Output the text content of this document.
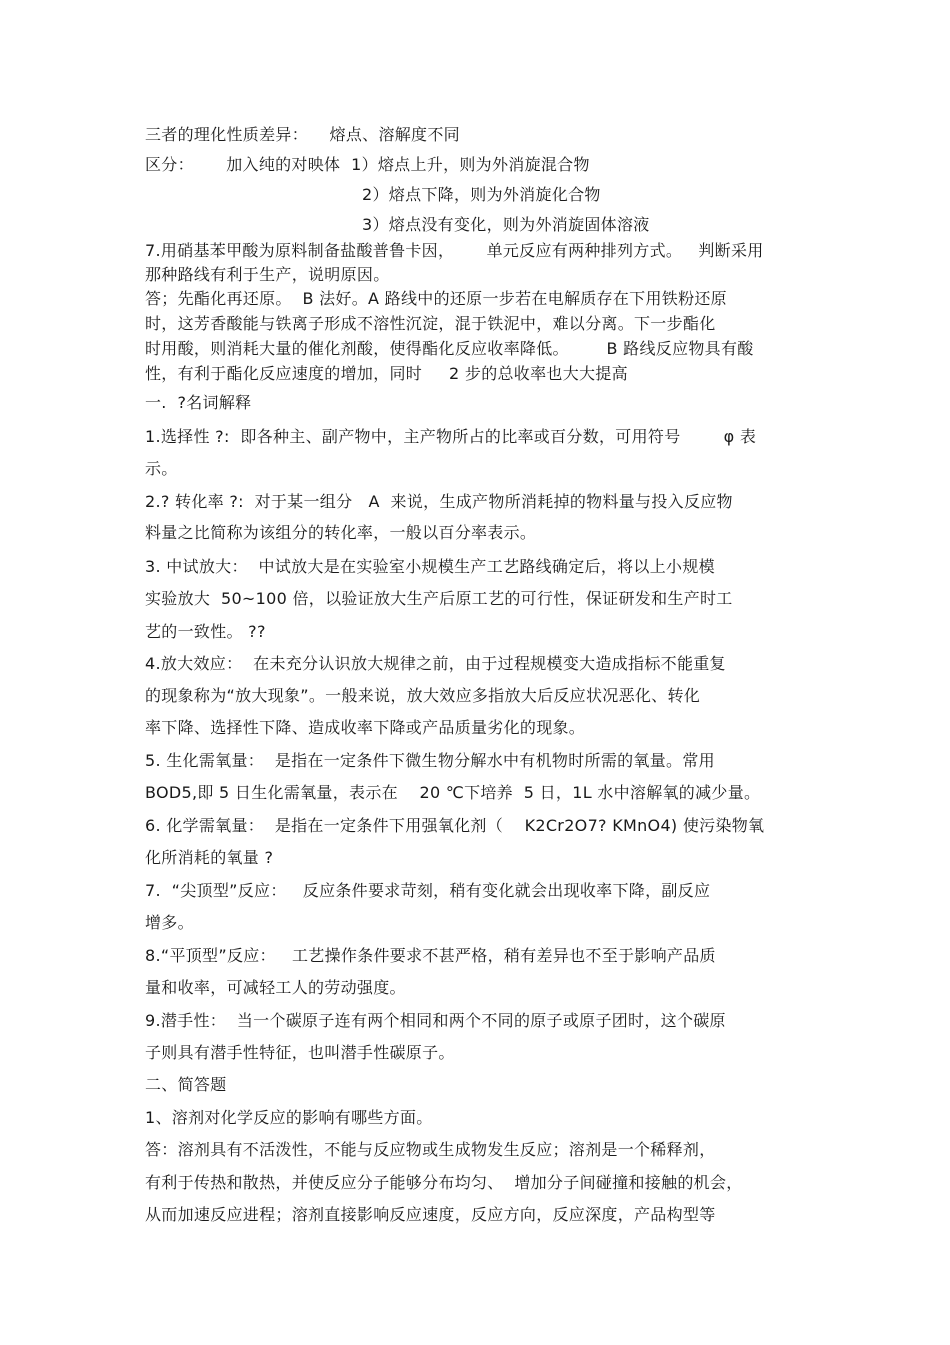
三者的理化性质差异：    熔点、溶解度不同
区分：      加入纯的对映体  1）熔点上升，则为外消旋混合物
2）熔点下降，则为外消旋化合物
3）熔点没有变化，则为外消旋固体溶液
7.用硝基苯甲酸为原料制备盐酸普鲁卡因，      单元反应有两种排列方式。   判断采用
那种路线有利于生产，说明原因。
答；先酯化再还原。  B 法好。A 路线中的还原一步若在电解质存在下用铁粉还原
时，这芳香酸能与铁离子形成不溶性沉淀，混于铁泥中，难以分离。下一步酯化
时用酸，则消耗大量的催化剂酸，使得酯化反应收率降低。       B 路线反应物具有酸
性，有利于酯化反应速度的增加，同时     2 步的总收率也大大提高
一.  ?名词解释
1.选择性 ?:  即各种主、副产物中，主产物所占的比率或百分数，可用符号        φ 表
示。
2.? 转化率 ?:  对于某一组分   A  来说，生成产物所消耗掉的物料量与投入反应物
料量之比简称为该组分的转化率，一般以百分率表示。
3. 中试放大：  中试放大是在实验室小规模生产工艺路线确定后，将以上小规模
实验放大  50~100 倍，以验证放大生产后原工艺的可行性，保证研发和生产时工
艺的一致性。 ??
4.放大效应：  在未充分认识放大规律之前，由于过程规模变大造成指标不能重复
的现象称为“放大现象”。一般来说，放大效应多指放大后反应状况恶化、转化
率下降、选择性下降、造成收率下降或产品质量劣化的现象。
5. 生化需氧量：  是指在一定条件下微生物分解水中有机物时所需的氧量。常用
BOD5,即 5 日生化需氧量，表示在    20 ℃下培养  5 日，1L 水中溶解氧的减少量。
6. 化学需氧量：  是指在一定条件下用强氧化剂（    K2Cr2O7? KMnO4) 使污染物氧
化所消耗的氧量 ?
7.  “尖顶型”反应：   反应条件要求苛刻，稍有变化就会出现收率下降，副反应
增多。
8.“平顶型”反应：   工艺操作条件要求不甚严格，稍有差异也不至于影响产品质
量和收率，可减轻工人的劳动强度。
9.潜手性：  当一个碳原子连有两个相同和两个不同的原子或原子团时，这个碳原
子则具有潜手性特征，也叫潜手性碳原子。
二、简答题
1、溶剂对化学反应的影响有哪些方面。
答：溶剂具有不活泼性，不能与反应物或生成物发生反应；溶剂是一个稀释剂，
有利于传热和散热，并使反应分子能够分布均匀、  增加分子间碰撞和接触的机会，
从而加速反应进程；溶剂直接影响反应速度，反应方向，反应深度，产品构型等
